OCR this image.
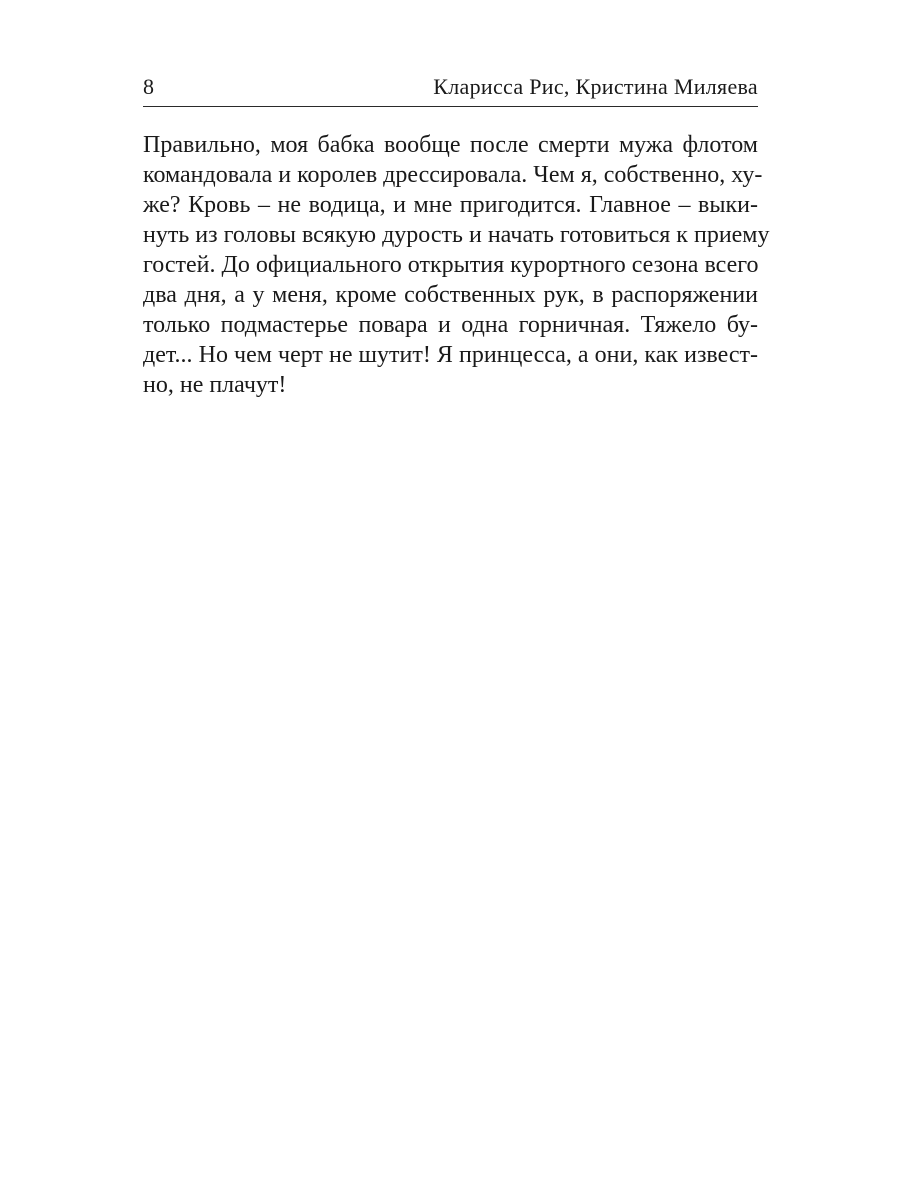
8	Кларисса Рис, Кристина Миляева
Правильно, моя бабка вообще после смерти мужа флотом
командовала и королев дрессировала. Чем я, собственно, ху-
же? Кровь – не водица, и мне пригодится. Главное – выки-
нуть из головы всякую дурость и начать готовиться к приему
гостей. До официального открытия курортного сезона всего
два дня, а у меня, кроме собственных рук, в распоряжении
только подмастерье повара и одна горничная. Тяжело бу-
дет... Но чем черт не шутит! Я принцесса, а они, как извест-
но, не плачут!
